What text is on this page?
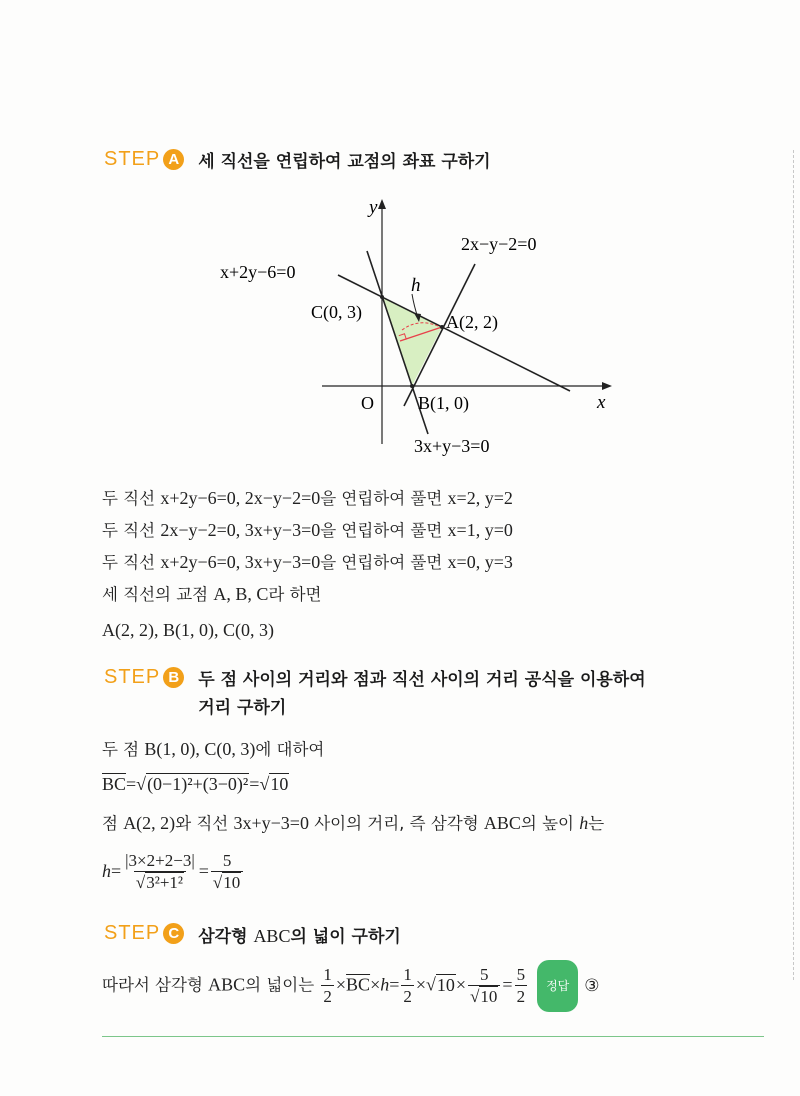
STEP A 세 직선을 연립하여 교점의 좌표 구하기
y
x
O
h
x+2y−6=0
2x−y−2=0
3x+y−3=0
C(0, 3)	A(2, 2)
B(1, 0)
두 직선 x+2y−6=0, 2x−y−2=0을 연립하여 풀면 x=2, y=2
두 직선 2x−y−2=0, 3x+y−3=0을 연립하여 풀면 x=1, y=0
두 직선 x+2y−6=0, 3x+y−3=0을 연립하여 풀면 x=0, y=3
세 직선의 교점 A, B, C라 하면
A(2, 2), B(1, 0), C(0, 3)
STEP B 두 점 사이의 거리와 점과 직선 사이의 거리 공식을 이용하여
거리 구하기
두 점 B(1, 0), C(0, 3)에 대하여
$\overline{BC}=√(0-1)^2+(3-0)^2=√10$
점 A(2, 2)와 직선 3x+y−3=0 사이의 거리, 즉 삼각형 ABC의 높이 h는
$h= \frac{|3\times 2+2-3|}{\text{√3²+1²}} = \frac{5}{√10}$
STEP C 삼각형 ABC의 넓이 구하기
따라서 삼각형 ABC의 넓이는 $\frac{1}{2} \times\overline{BC}\times h= \frac{1}{2} \times√10\times \frac{5}{√10} = \frac{5}{2}$ 정답 ③
